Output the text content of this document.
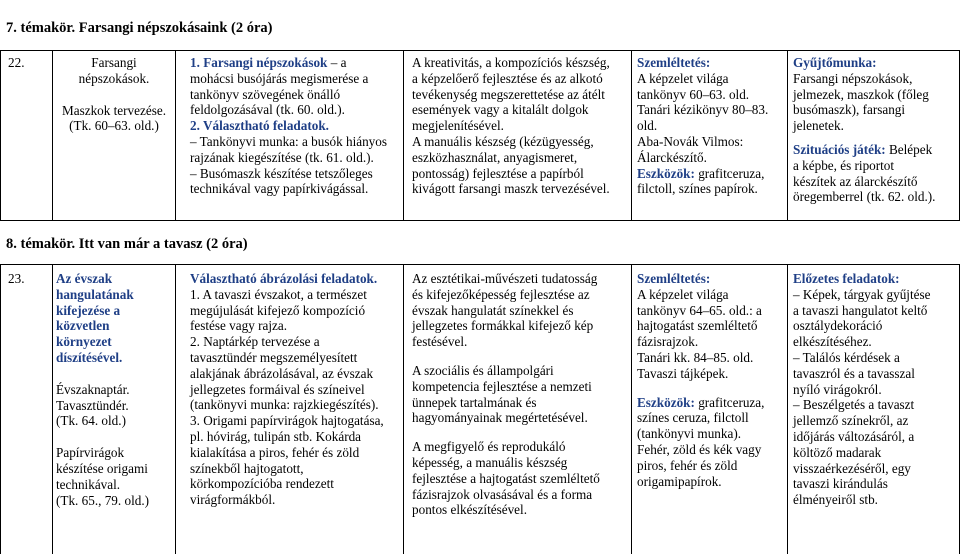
7. témakör. Farsangi népszokásaink (2 óra)
22.	Farsangi
népszokások.
Maszkok tervezése.
(Tk. 60–63. old.)
1. Farsangi népszokások – a
mohácsi busójárás megismerése a
tankönyv szövegének önálló
feldolgozásával (tk. 60. old.).
2. Választható feladatok.
– Tankönyvi munka: a busók hiányos
rajzának kiegészítése (tk. 61. old.).
– Busómaszk készítése tetszőleges
technikával vagy papírkivágással.
A kreativitás, a kompozíciós készség,
a képzelőerő fejlesztése és az alkotó
tevékenység megszerettetése az átélt
események vagy a kitalált dolgok
megjelenítésével.
A manuális készség (kézügyesség,
eszközhasználat, anyagismeret,
pontosság) fejlesztése a papírból
kivágott farsangi maszk tervezésével.
Szemléltetés:
A képzelet világa
tankönyv 60–63. old.
Tanári kézikönyv 80–83.
old.
Aba-Novák Vilmos:
Álarckészítő.
Eszközök: grafitceruza,
filctoll, színes papírok.
Gyűjtőmunka:
Farsangi népszokások,
jelmezek, maszkok (főleg
busómaszk), farsangi
jelenetek.
Szituációs játék: Belépek
a képbe, és riportot
készítek az álarckészítő
öregemberrel (tk. 62. old.).
8. témakör. Itt van már a tavasz (2 óra)
23. Az évszak
hangulatának
kifejezése a
közvetlen
környezet
díszítésével.
Évszaknaptár.
Tavasztündér.
(Tk. 64. old.)
Papírvirágok
készítése origami
technikával.
(Tk. 65., 79. old.)
Választható ábrázolási feladatok.
1. A tavaszi évszakot, a természet
megújulását kifejező kompozíció
festése vagy rajza.
2. Naptárkép tervezése a
tavasztündér megszemélyesített
alakjának ábrázolásával, az évszak
jellegzetes formáival és színeivel
(tankönyvi munka: rajzkiegészítés).
3. Origami papírvirágok hajtogatása,
pl. hóvirág, tulipán stb. Kokárda
kialakítása a piros, fehér és zöld
színekből hajtogatott,
körkompozícióba rendezett
virágformákból.
Az esztétikai-művészeti tudatosság
és kifejezőképesség fejlesztése az
évszak hangulatát színekkel és
jellegzetes formákkal kifejező kép
festésével.
A szociális és állampolgári
kompetencia fejlesztése a nemzeti
ünnepek tartalmának és
hagyományainak megértetésével.
A megfigyelő és reprodukáló
képesség, a manuális készség
fejlesztése a hajtogatást szemléltető
fázisrajzok olvasásával és a forma
pontos elkészítésével.
Szemléltetés:
A képzelet világa
tankönyv 64–65. old.: a
hajtogatást szemléltető
fázisrajzok.
Tanári kk. 84–85. old.
Tavaszi tájképek.
Eszközök: grafitceruza,
színes ceruza, filctoll
(tankönyvi munka).
Fehér, zöld és kék vagy
piros, fehér és zöld
origamipapírok.
Előzetes feladatok:
– Képek, tárgyak gyűjtése
a tavaszi hangulatot keltő
osztálydekoráció
elkészítéséhez.
– Találós kérdések a
tavaszról és a tavasszal
nyíló virágokról.
– Beszélgetés a tavaszt
jellemző színekről, az
időjárás változásáról, a
költöző madarak
visszaérkezéséről, egy
tavaszi kirándulás
élményeiről stb.
